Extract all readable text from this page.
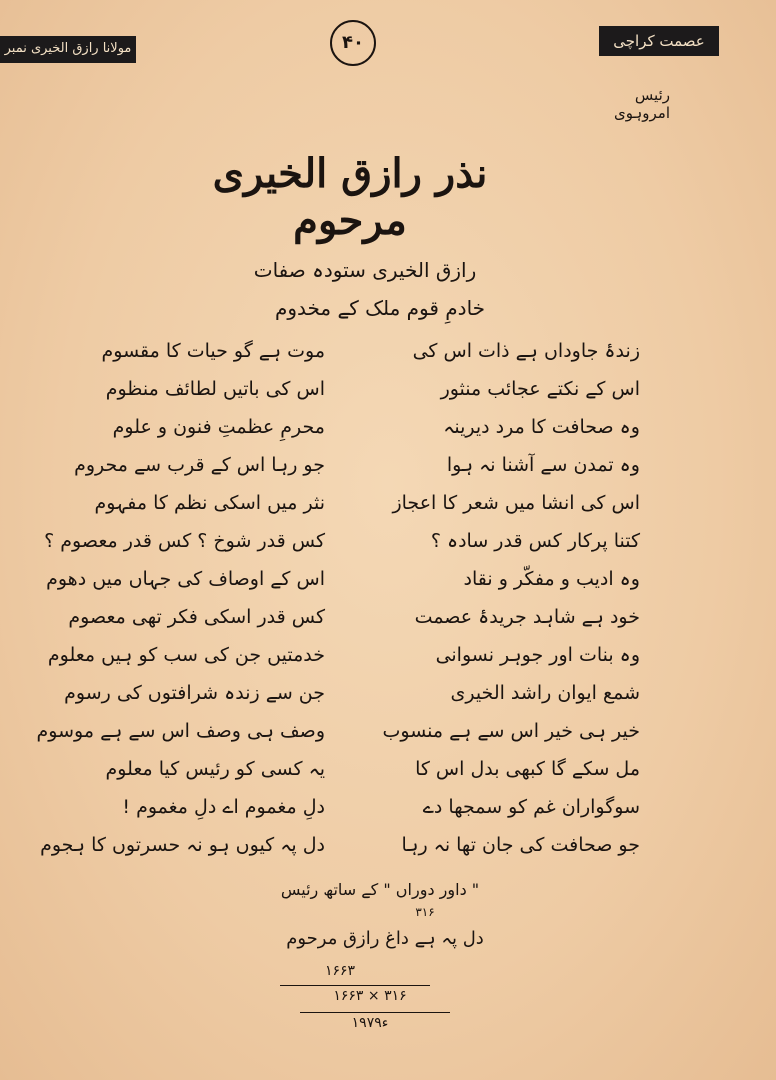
عصمت کراچی
مولانا رازق الخیری نمبر	۴۰
رئیس امروہوی
نذر رازق الخیری مرحوم
رازق الخیری ستودہ صفات
خادمِ قوم ملک کے مخدوم
زندۂ جاوداں ہے ذات اس کی
موت ہے گو حیات کا مقسوم
اس کے نکتے عجائب منثور
اس کی باتیں لطائف منظوم
وہ صحافت کا مرد دیرینہ
محرمِ عظمتِ فنون و علوم
وہ تمدن سے آشنا نہ ہوا
جو رہا اس کے قرب سے محروم
اس کی انشا میں شعر کا اعجاز
نثر میں اسکی نظم کا مفہوم
کتنا پرکار کس قدر سادہ ؟
کس قدر شوخ ؟ کس قدر معصوم ؟
وہ ادیب و مفکّر و نقاد
اس کے اوصاف کی جہاں میں دھوم
خود ہے شاہد جریدۂ عصمت
کس قدر اسکی فکر تھی معصوم
وہ بنات اور جوہر نسوانی
خدمتیں جن کی سب کو ہیں معلوم
شمع ایوان راشد الخیری
جن سے زندہ شرافتوں کی رسوم
خیر ہی خیر اس سے ہے منسوب
وصف ہی وصف اس سے ہے موسوم
مل سکے گا کبھی بدل اس کا
یہ کسی کو رئیس کیا معلوم
سوگواران غم کو سمجھا دے
دلِ مغموم اے دلِ مغموم !
جو صحافت کی جان تھا نہ رہا
دل پہ کیوں ہو نہ حسرتوں کا ہجوم
" داور دوراں " کے ساتھ رئیس
۳۱۶
دل پہ ہے داغ رازق مرحوم
۱۶۶۳
۱۶۶۳ × ۳۱۶
۱۹۷۹ء
